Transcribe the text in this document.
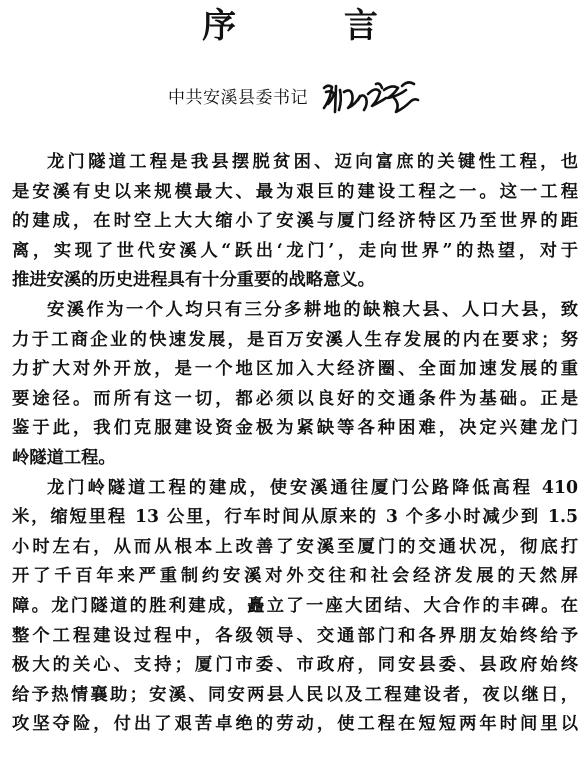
序 言
中共安溪县委书记
龙门隧道工程是我县摆脱贫困、迈向富庶的关键性工程，也
是安溪有史以来规模最大、最为艰巨的建设工程之一。这一工程
的建成，在时空上大大缩小了安溪与厦门经济特区乃至世界的距
离，实现了世代安溪人“跃出‘龙门’，走向世界”的热望，对于
推进安溪的历史进程具有十分重要的战略意义。
安溪作为一个人均只有三分多耕地的缺粮大县、人口大县，致
力于工商企业的快速发展，是百万安溪人生存发展的内在要求；努
力扩大对外开放，是一个地区加入大经济圈、全面加速发展的重
要途径。而所有这一切，都必须以良好的交通条件为基础。正是
鉴于此，我们克服建设资金极为紧缺等各种困难，决定兴建龙门
岭隧道工程。
龙门岭隧道工程的建成，使安溪通往厦门公路降低高程 410
米，缩短里程 13 公里，行车时间从原来的 3 个多小时减少到 1.5
小时左右，从而从根本上改善了安溪至厦门的交通状况，彻底打
开了千百年来严重制约安溪对外交往和社会经济发展的天然屏
障。龙门隧道的胜利建成，矗立了一座大团结、大合作的丰碑。在
整个工程建设过程中，各级领导、交通部门和各界朋友始终给予
极大的关心、支持；厦门市委、市政府，同安县委、县政府始终
给予热情襄助；安溪、同安两县人民以及工程建设者，夜以继日，
攻坚夺险，付出了艰苦卓绝的劳动，使工程在短短两年时间里以
